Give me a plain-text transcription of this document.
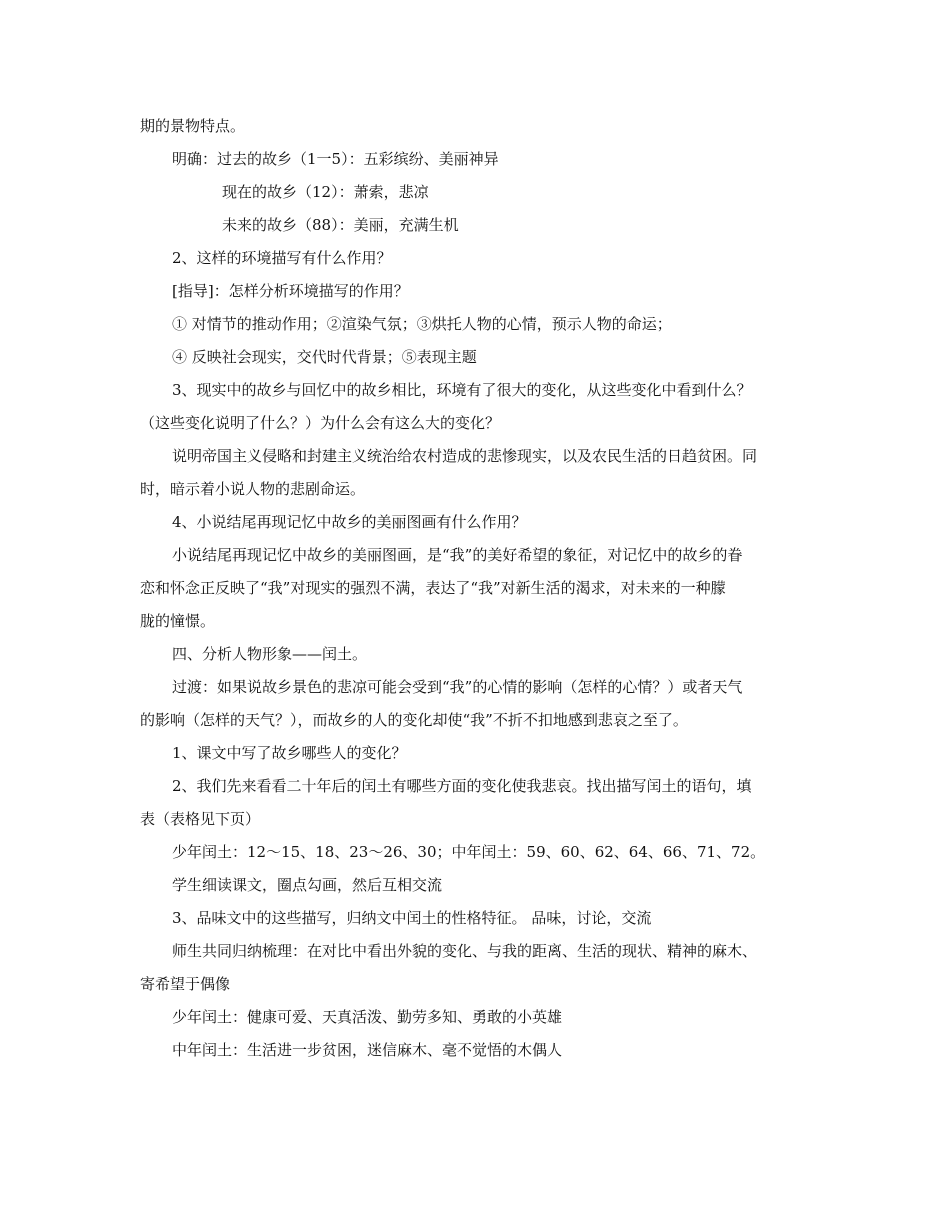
期的景物特点。

明确：过去的故乡（1一5）：五彩缤纷、美丽神异

现在的故乡（12）：萧索，悲凉

未来的故乡（88）：美丽，充满生机

2、这样的环境描写有什么作用？

[指导]：怎样分析环境描写的作用？

① 对情节的推动作用；②渲染气氛；③烘托人物的心情，预示人物的命运；

④ 反映社会现实，交代时代背景；⑤表现主题

3、现实中的故乡与回忆中的故乡相比，环境有了很大的变化，从这些变化中看到什么？

（这些变化说明了什么？）为什么会有这么大的变化？

说明帝国主义侵略和封建主义统治给农村造成的悲惨现实，以及农民生活的日趋贫困。同

时，暗示着小说人物的悲剧命运。

4、小说结尾再现记忆中故乡的美丽图画有什么作用？

小说结尾再现记忆中故乡的美丽图画，是“我”的美好希望的象征，对记忆中的故乡的眷

恋和怀念正反映了“我”对现实的强烈不满，表达了“我”对新生活的渴求，对未来的一种朦

胧的憧憬。

四、分析人物形象——闰土。

过渡：如果说故乡景色的悲凉可能会受到“我”的心情的影响（怎样的心情？）或者天气

的影响（怎样的天气？），而故乡的人的变化却使“我”不折不扣地感到悲哀之至了。

1、课文中写了故乡哪些人的变化？

2、我们先来看看二十年后的闰土有哪些方面的变化使我悲哀。找出描写闰土的语句，填

表（表格见下页）

少年闰土：12～15、18、23～26、30；中年闰土：59、60、62、64、66、71、72。

学生细读课文，圈点勾画，然后互相交流

3、品味文中的这些描写，归纳文中闰土的性格特征。 品味，讨论，交流

师生共同归纳梳理：在对比中看出外貌的变化、与我的距离、生活的现状、精神的麻木、

寄希望于偶像

少年闰土：健康可爱、天真活泼、勤劳多知、勇敢的小英雄

中年闰土：生活进一步贫困，迷信麻木、毫不觉悟的木偶人
